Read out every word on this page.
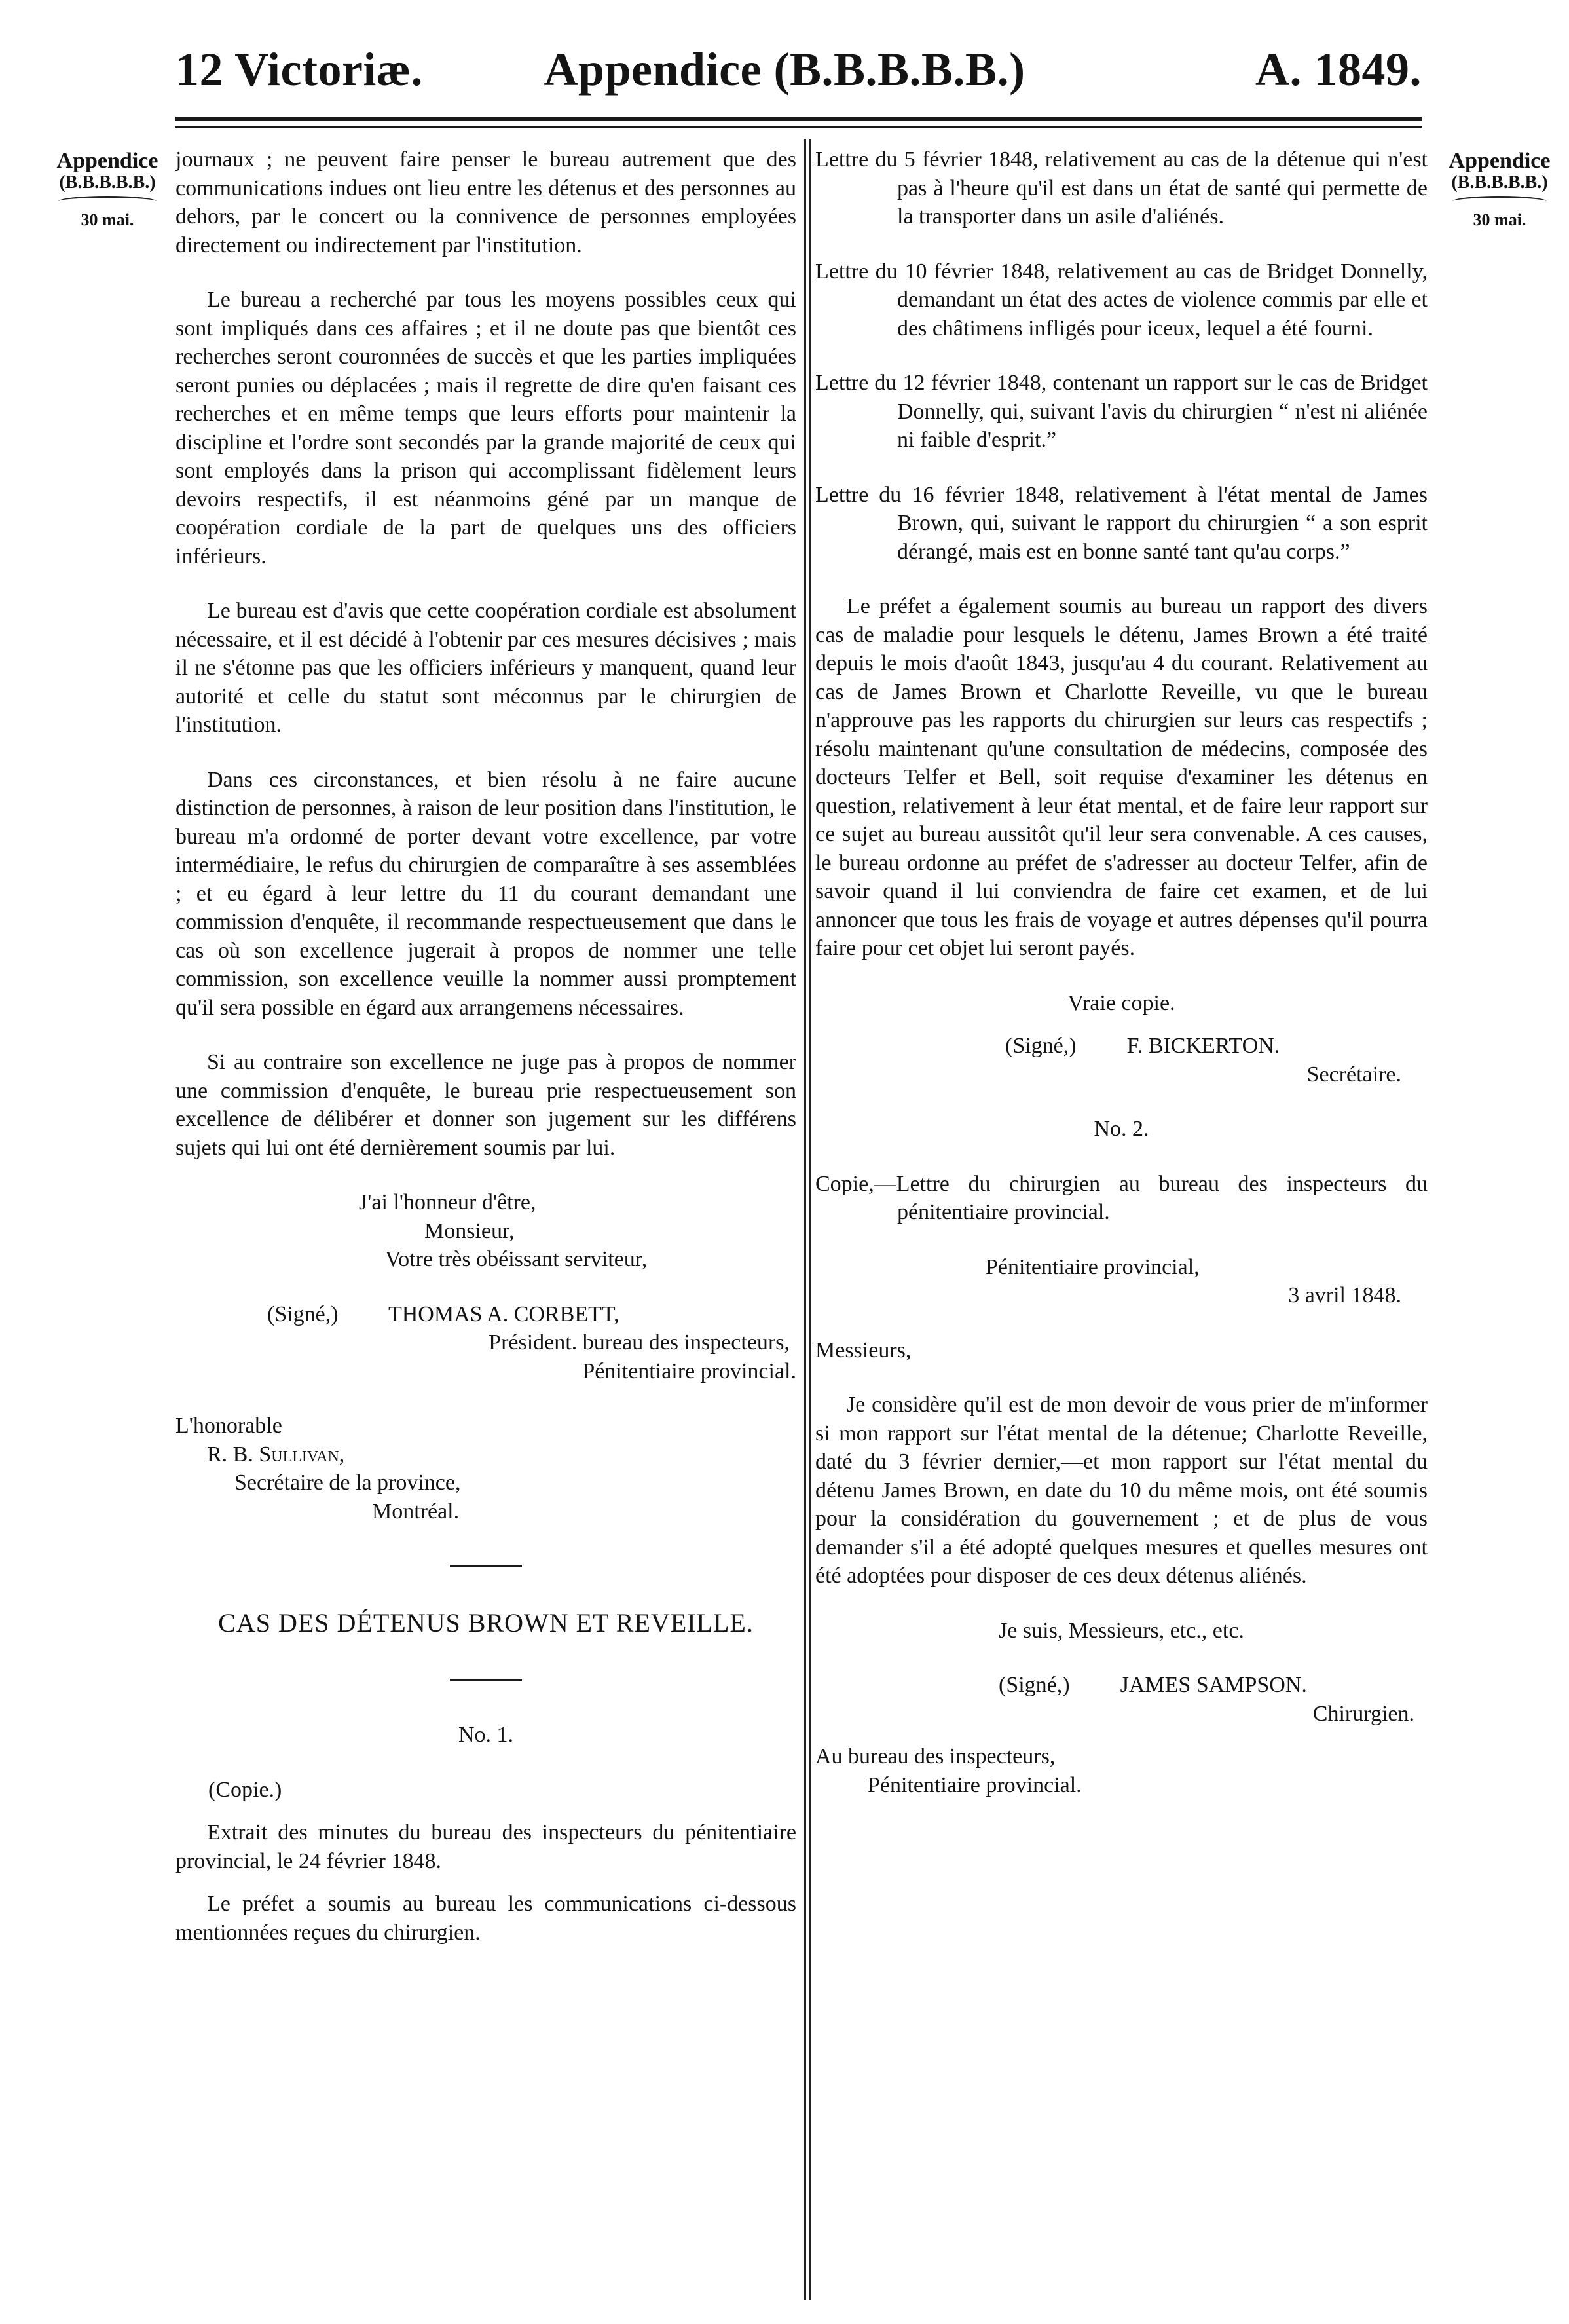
12 Victoriæ.	Appendice (B.B.B.B.B.)	A. 1849.
Appendice
(B.B.B.B.B.)
30 mai.
Appendice
(B.B.B.B.B.)
30 mai.

journaux ; ne peuvent faire penser le bureau autrement que des communications indues ont lieu entre les détenus et des personnes au dehors, par le concert ou la connivence de personnes employées directement ou indirectement par l'institution.

Le bureau a recherché par tous les moyens possibles ceux qui sont impliqués dans ces affaires ; et il ne doute pas que bientôt ces recherches seront couronnées de succès et que les parties impliquées seront punies ou déplacées ; mais il regrette de dire qu'en faisant ces recherches et en même temps que leurs efforts pour maintenir la discipline et l'ordre sont secondés par la grande majorité de ceux qui sont employés dans la prison qui accomplissant fidèlement leurs devoirs respectifs, il est néanmoins géné par un manque de coopération cordiale de la part de quelques uns des officiers inférieurs.

Le bureau est d'avis que cette coopération cordiale est absolument nécessaire, et il est décidé à l'obtenir par ces mesures décisives ; mais il ne s'étonne pas que les officiers inférieurs y manquent, quand leur autorité et celle du statut sont méconnus par le chirurgien de l'institution.

Dans ces circonstances, et bien résolu à ne faire aucune distinction de personnes, à raison de leur position dans l'institution, le bureau m'a ordonné de porter devant votre excellence, par votre intermédiaire, le refus du chirurgien de comparaître à ses assemblées ; et eu égard à leur lettre du 11 du courant demandant une commission d'enquête, il recommande respectueusement que dans le cas où son excellence jugerait à propos de nommer une telle commission, son excellence veuille la nommer aussi promptement qu'il sera possible en égard aux arrangemens nécessaires.

Si au contraire son excellence ne juge pas à propos de nommer une commission d'enquête, le bureau prie respectueusement son excellence de délibérer et donner son jugement sur les différens sujets qui lui ont été dernièrement soumis par lui.

J'ai l'honneur d'être,

Monsieur,

Votre très obéissant serviteur,

(Signé,) THOMAS A. CORBETT,

Président. bureau des inspecteurs,

Pénitentiaire provincial.

L'honorable

R. B. Sullivan,

Secrétaire de la province,

Montréal.

CAS DES DÉTENUS BROWN ET REVEILLE.

No. 1.

(Copie.)

Extrait des minutes du bureau des inspecteurs du pénitentiaire provincial, le 24 février 1848.

Le préfet a soumis au bureau les communications ci-dessous mentionnées reçues du chirurgien.

Lettre du 5 février 1848, relativement au cas de la détenue qui n'est pas à l'heure qu'il est dans un état de santé qui permette de la transporter dans un asile d'aliénés.

Lettre du 10 février 1848, relativement au cas de Bridget Donnelly, demandant un état des actes de violence commis par elle et des châtimens infligés pour iceux, lequel a été fourni.

Lettre du 12 février 1848, contenant un rapport sur le cas de Bridget Donnelly, qui, suivant l'avis du chirurgien “ n'est ni aliénée ni faible d'esprit.”

Lettre du 16 février 1848, relativement à l'état mental de James Brown, qui, suivant le rapport du chirurgien “ a son esprit dérangé, mais est en bonne santé tant qu'au corps.”

Le préfet a également soumis au bureau un rapport des divers cas de maladie pour lesquels le détenu, James Brown a été traité depuis le mois d'août 1843, jusqu'au 4 du courant. Relativement au cas de James Brown et Charlotte Reveille, vu que le bureau n'approuve pas les rapports du chirurgien sur leurs cas respectifs ; résolu maintenant qu'une consultation de médecins, composée des docteurs Telfer et Bell, soit requise d'examiner les détenus en question, relativement à leur état mental, et de faire leur rapport sur ce sujet au bureau aussitôt qu'il leur sera convenable. A ces causes, le bureau ordonne au préfet de s'adresser au docteur Telfer, afin de savoir quand il lui conviendra de faire cet examen, et de lui annoncer que tous les frais de voyage et autres dépenses qu'il pourra faire pour cet objet lui seront payés.

Vraie copie.

(Signé,) F. BICKERTON.

Secrétaire.

No. 2.

Copie,—Lettre du chirurgien au bureau des inspecteurs du pénitentiaire provincial.

Pénitentiaire provincial,

3 avril 1848.

Messieurs,

Je considère qu'il est de mon devoir de vous prier de m'informer si mon rapport sur l'état mental de la détenue; Charlotte Reveille, daté du 3 février dernier,—et mon rapport sur l'état mental du détenu James Brown, en date du 10 du même mois, ont été soumis pour la considération du gouvernement ; et de plus de vous demander s'il a été adopté quelques mesures et quelles mesures ont été adoptées pour disposer de ces deux détenus aliénés.

Je suis, Messieurs, etc., etc.

(Signé,) JAMES SAMPSON.

Chirurgien.

Au bureau des inspecteurs,

Pénitentiaire provincial.
